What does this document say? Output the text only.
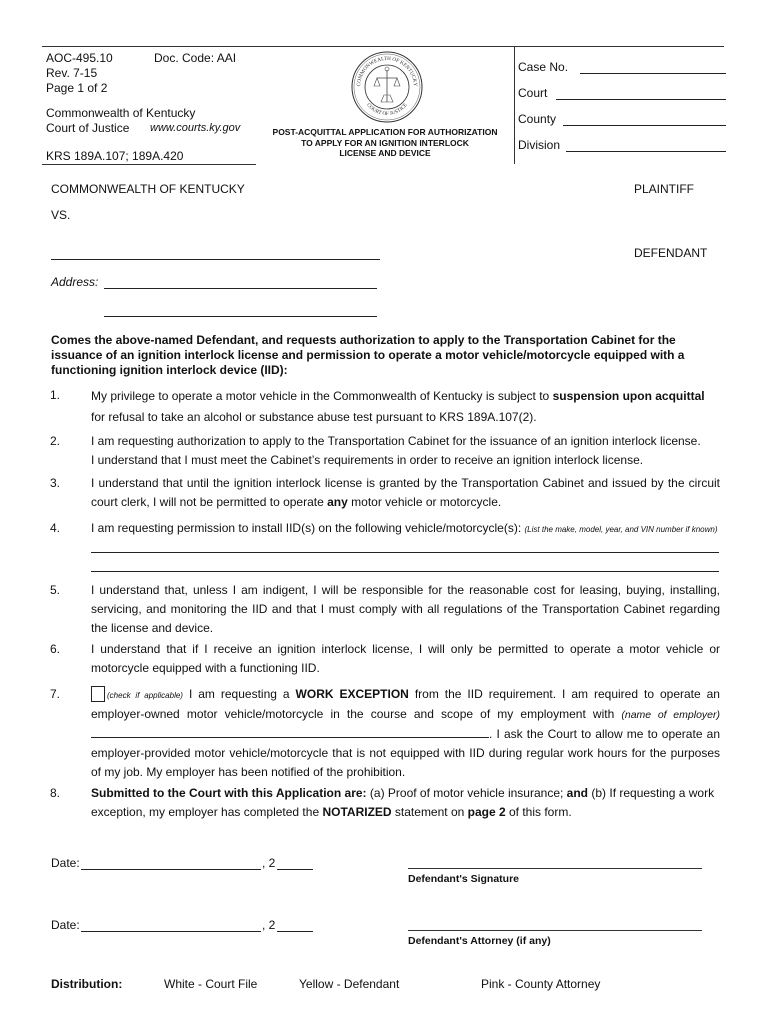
AOC-495.10	Doc. Code: AAI
Rev. 7-15
Page 1 of 2
Commonwealth of Kentucky
Court of Justice www.courts.ky.gov
KRS 189A.107; 189A.420
COMMONWEALTH OF KENTUCKY
COURT OF JUSTICE
POST-ACQUITTAL APPLICATION FOR AUTHORIZATION
TO APPLY FOR AN IGNITION INTERLOCK
LICENSE AND DEVICE
Case No.
Court
County
Division
COMMONWEALTH OF KENTUCKY	PLAINTIFF
VS.
DEFENDANT
Address:
Comes the above-named Defendant, and requests authorization to apply to the Transportation Cabinet for the issuance of an ignition interlock license and permission to operate a motor vehicle/motorcycle equipped with a functioning ignition interlock device (IID):
1.	My privilege to operate a motor vehicle in the Commonwealth of Kentucky is subject to suspension upon acquittal
for refusal to take an alcohol or substance abuse test pursuant to KRS 189A.107(2).
2.	I am requesting authorization to apply to the Transportation Cabinet for the issuance of an ignition interlock license.
I understand that I must meet the Cabinet’s requirements in order to receive an ignition interlock license.
3.	I understand that until the ignition interlock license is granted by the Transportation Cabinet and issued by the circuit court clerk, I will not be permitted to operate any motor vehicle or motorcycle.
4.	I am requesting permission to install IID(s) on the following vehicle/motorcycle(s): (List the make, model, year, and VIN number if known)
5.	I understand that, unless I am indigent, I will be responsible for the reasonable cost for leasing, buying, installing, servicing, and monitoring the IID and that I must comply with all regulations of the Transportation Cabinet regarding the license and device.
6.	I understand that if I receive an ignition interlock license, I will only be permitted to operate a motor vehicle or motorcycle equipped with a functioning IID.
7.	(check if applicable) I am requesting a WORK EXCEPTION from the IID requirement. I am required to operate an employer-owned motor vehicle/motorcycle in the course and scope of my employment with (name of employer) . I ask the Court to allow me to operate an employer-provided motor vehicle/motorcycle that is not equipped with IID during regular work hours for the purposes of my job. My employer has been notified of the prohibition.
8.	Submitted to the Court with this Application are: (a) Proof of motor vehicle insurance; and (b) If requesting a work exception, my employer has completed the NOTARIZED statement on page 2 of this form.
Date:	, 2
Defendant's Signature
Date:	, 2
Defendant's Attorney (if any)
Distribution:	White - Court File	Yellow - Defendant	Pink - County Attorney
